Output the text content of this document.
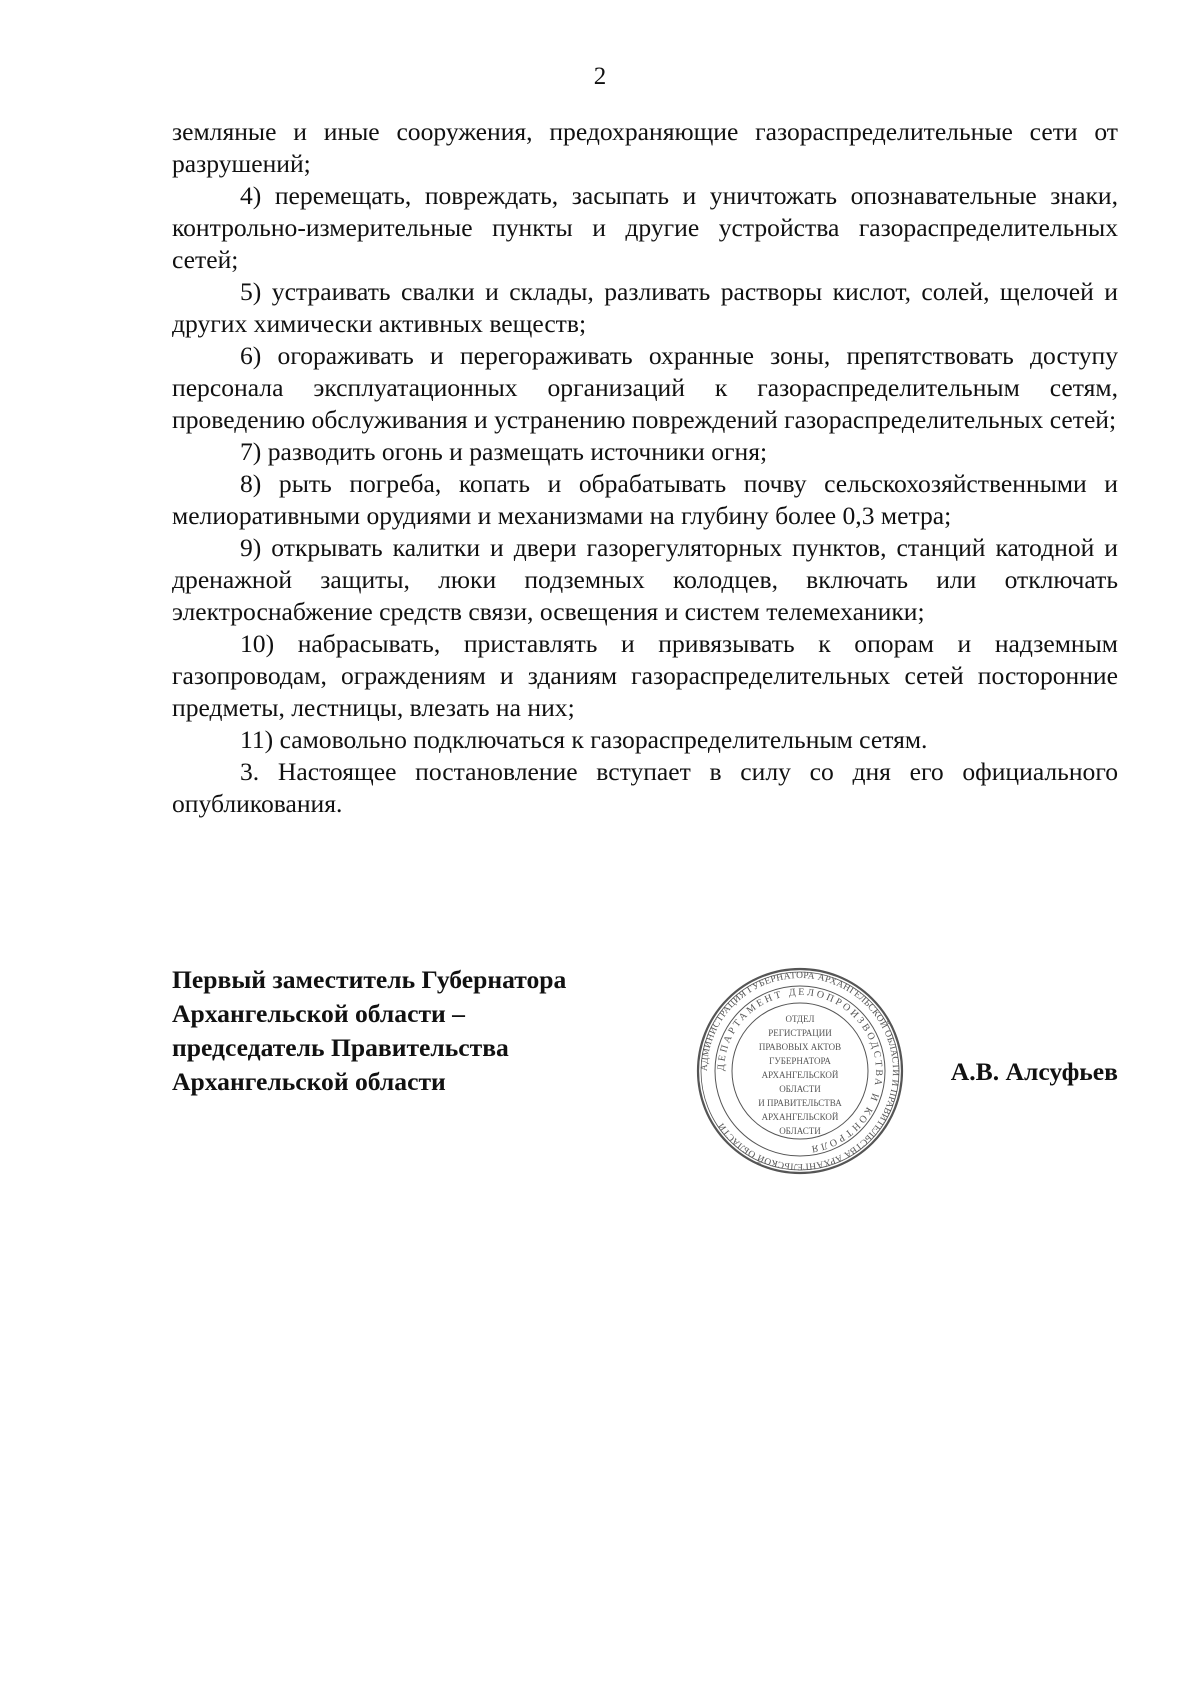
2

земляные и иные сооружения, предохраняющие газораспределительные сети от разрушений;

4) перемещать, повреждать, засыпать и уничтожать опознавательные знаки, контрольно-измерительные пункты и другие устройства газораспределительных сетей;

5) устраивать свалки и склады, разливать растворы кислот, солей, щелочей и других химически активных веществ;

6) огораживать и перегораживать охранные зоны, препятствовать доступу персонала эксплуатационных организаций к газораспределительным сетям, проведению обслуживания и устранению повреждений газораспределительных сетей;

7) разводить огонь и размещать источники огня;

8) рыть погреба, копать и обрабатывать почву сельскохозяйственными и мелиоративными орудиями и механизмами на глубину более 0,3 метра;

9) открывать калитки и двери газорегуляторных пунктов, станций катодной и дренажной защиты, люки подземных колодцев, включать или отключать электроснабжение средств связи, освещения и систем телемеханики;

10) набрасывать, приставлять и привязывать к опорам и надземным газопроводам, ограждениям и зданиям газораспределительных сетей посторонние предметы, лестницы, влезать на них;

11) самовольно подключаться к газораспределительным сетям.

3. Настоящее постановление вступает в силу со дня его официального опубликования.

Первый заместитель Губернатора
Архангельской области –
председатель Правительства
Архангельской области	АДМИНИСТРАЦИЯ ГУБЕРНАТОРА АРХАНГЕЛЬСКОЙ ОБЛАСТИ И ПРАВИТЕЛЬСТВА АРХАНГЕЛЬСКОЙ ОБЛАСТИ
ДЕПАРТАМЕНТ ДЕЛОПРОИЗВОДСТВА И КОНТРОЛЯ
ОТДЕЛ
РЕГИСТРАЦИИ
ПРАВОВЫХ АКТОВ
ГУБЕРНАТОРА
АРХАНГЕЛЬСКОЙ
ОБЛАСТИ
И ПРАВИТЕЛЬСТВА
АРХАНГЕЛЬСКОЙ
ОБЛАСТИ
А.В. Алсуфьев
